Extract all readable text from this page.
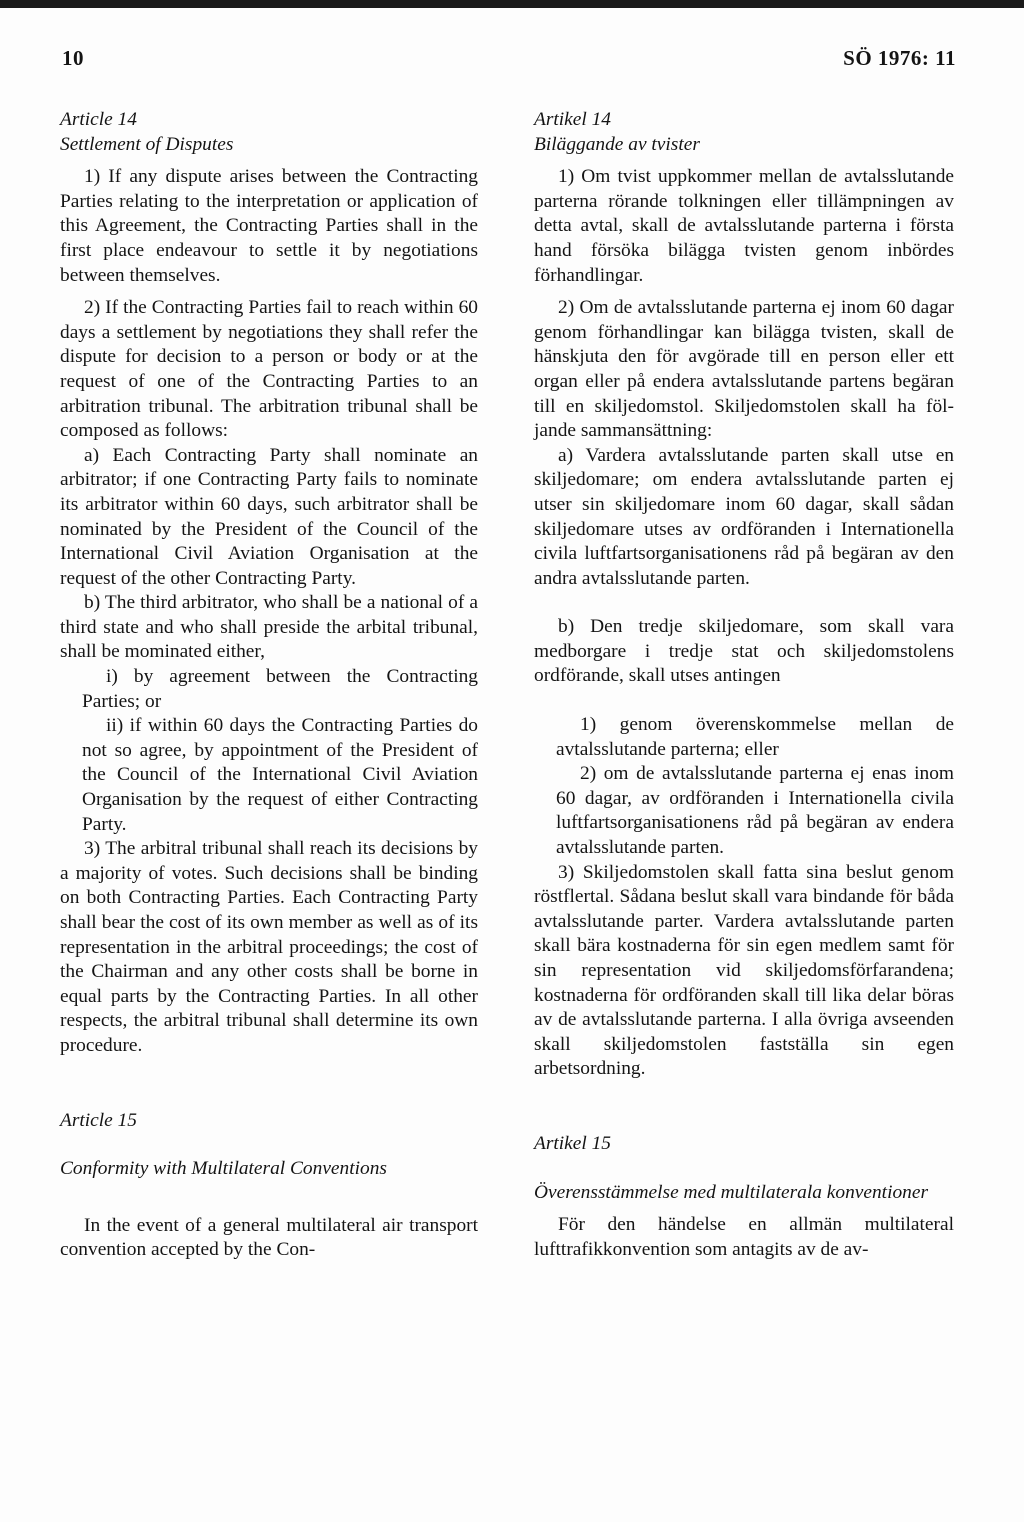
10	SÖ 1976: 11
Article 14
Settlement of Disputes

1) If any dispute arises between the Contracting Parties relating to the interpretation or application of this Agreement, the Contracting Parties shall in the first place endeavour to settle it by negotiations between themselves.

2) If the Contracting Parties fail to reach within 60 days a settlement by negotiations they shall refer the dispute for decision to a person or body or at the request of one of the Contracting Parties to an arbitration tribunal. The arbitration tribunal shall be composed as follows:

a) Each Contracting Party shall nominate an arbitrator; if one Contracting Party fails to nominate its arbitrator within 60 days, such arbitrator shall be nominated by the President of the Council of the International Civil Aviation Organisation at the request of the other Contracting Party.

b) The third arbitrator, who shall be a national of a third state and who shall preside the arbital tribunal, shall be mominated either,

i) by agreement between the Contracting Parties; or

ii) if within 60 days the Contracting Parties do not so agree, by appointment of the President of the Council of the International Civil Aviation Organisation by the request of either Contracting Party.

3) The arbitral tribunal shall reach its decisions by a majority of votes. Such decisions shall be binding on both Contracting Parties. Each Contracting Party shall bear the cost of its own member as well as of its representation in the arbitral proceedings; the cost of the Chairman and any other costs shall be borne in equal parts by the Contracting Parties. In all other respects, the arbitral tribunal shall determine its own procedure.

Article 15
Conformity with Multilateral Conventions

In the event of a general multilateral air transport convention accepted by the Con-

Artikel 14
Biläggande av tvister

1) Om tvist uppkommer mellan de avtalsslutande parterna rörande tolkningen eller tillämpningen av detta avtal, skall de avtalsslutande parterna i första hand försöka bilägga tvisten genom inbördes förhandlingar.

2) Om de avtalsslutande parterna ej inom 60 dagar genom förhandlingar kan bilägga tvisten, skall de hänskjuta den för avgörade till en person eller ett organ eller på endera avtalsslutande partens begäran till en skiljedomstol. Skiljedomstolen skall ha följande sammansättning:

a) Vardera avtalsslutande parten skall utse en skiljedomare; om endera avtalsslutande parten ej utser sin skiljedomare inom 60 dagar, skall sådan skiljedomare utses av ordföranden i Internationella civila luftfartsorganisationens råd på begäran av den andra avtalsslutande parten.

b) Den tredje skiljedomare, som skall vara medborgare i tredje stat och skiljedomstolens ordförande, skall utses antingen

1) genom överenskommelse mellan de avtalsslutande parterna; eller

2) om de avtalsslutande parterna ej enas inom 60 dagar, av ordföranden i Internationella civila luftfartsorganisationens råd på begäran av endera avtalsslutande parten.

3) Skiljedomstolen skall fatta sina beslut genom röstflertal. Sådana beslut skall vara bindande för båda avtalsslutande parter. Vardera avtalsslutande parten skall bära kostnaderna för sin egen medlem samt för sin representation vid skiljedomsförfarandena; kostnaderna för ordföranden skall till lika delar böras av de avtalsslutande parterna. I alla övriga avseenden skall skiljedomstolen fastställa sin egen arbetsordning.

Artikel 15
Överensstämmelse med multilaterala konventioner

För den händelse en allmän multilateral lufttrafikkonvention som antagits av de av-
